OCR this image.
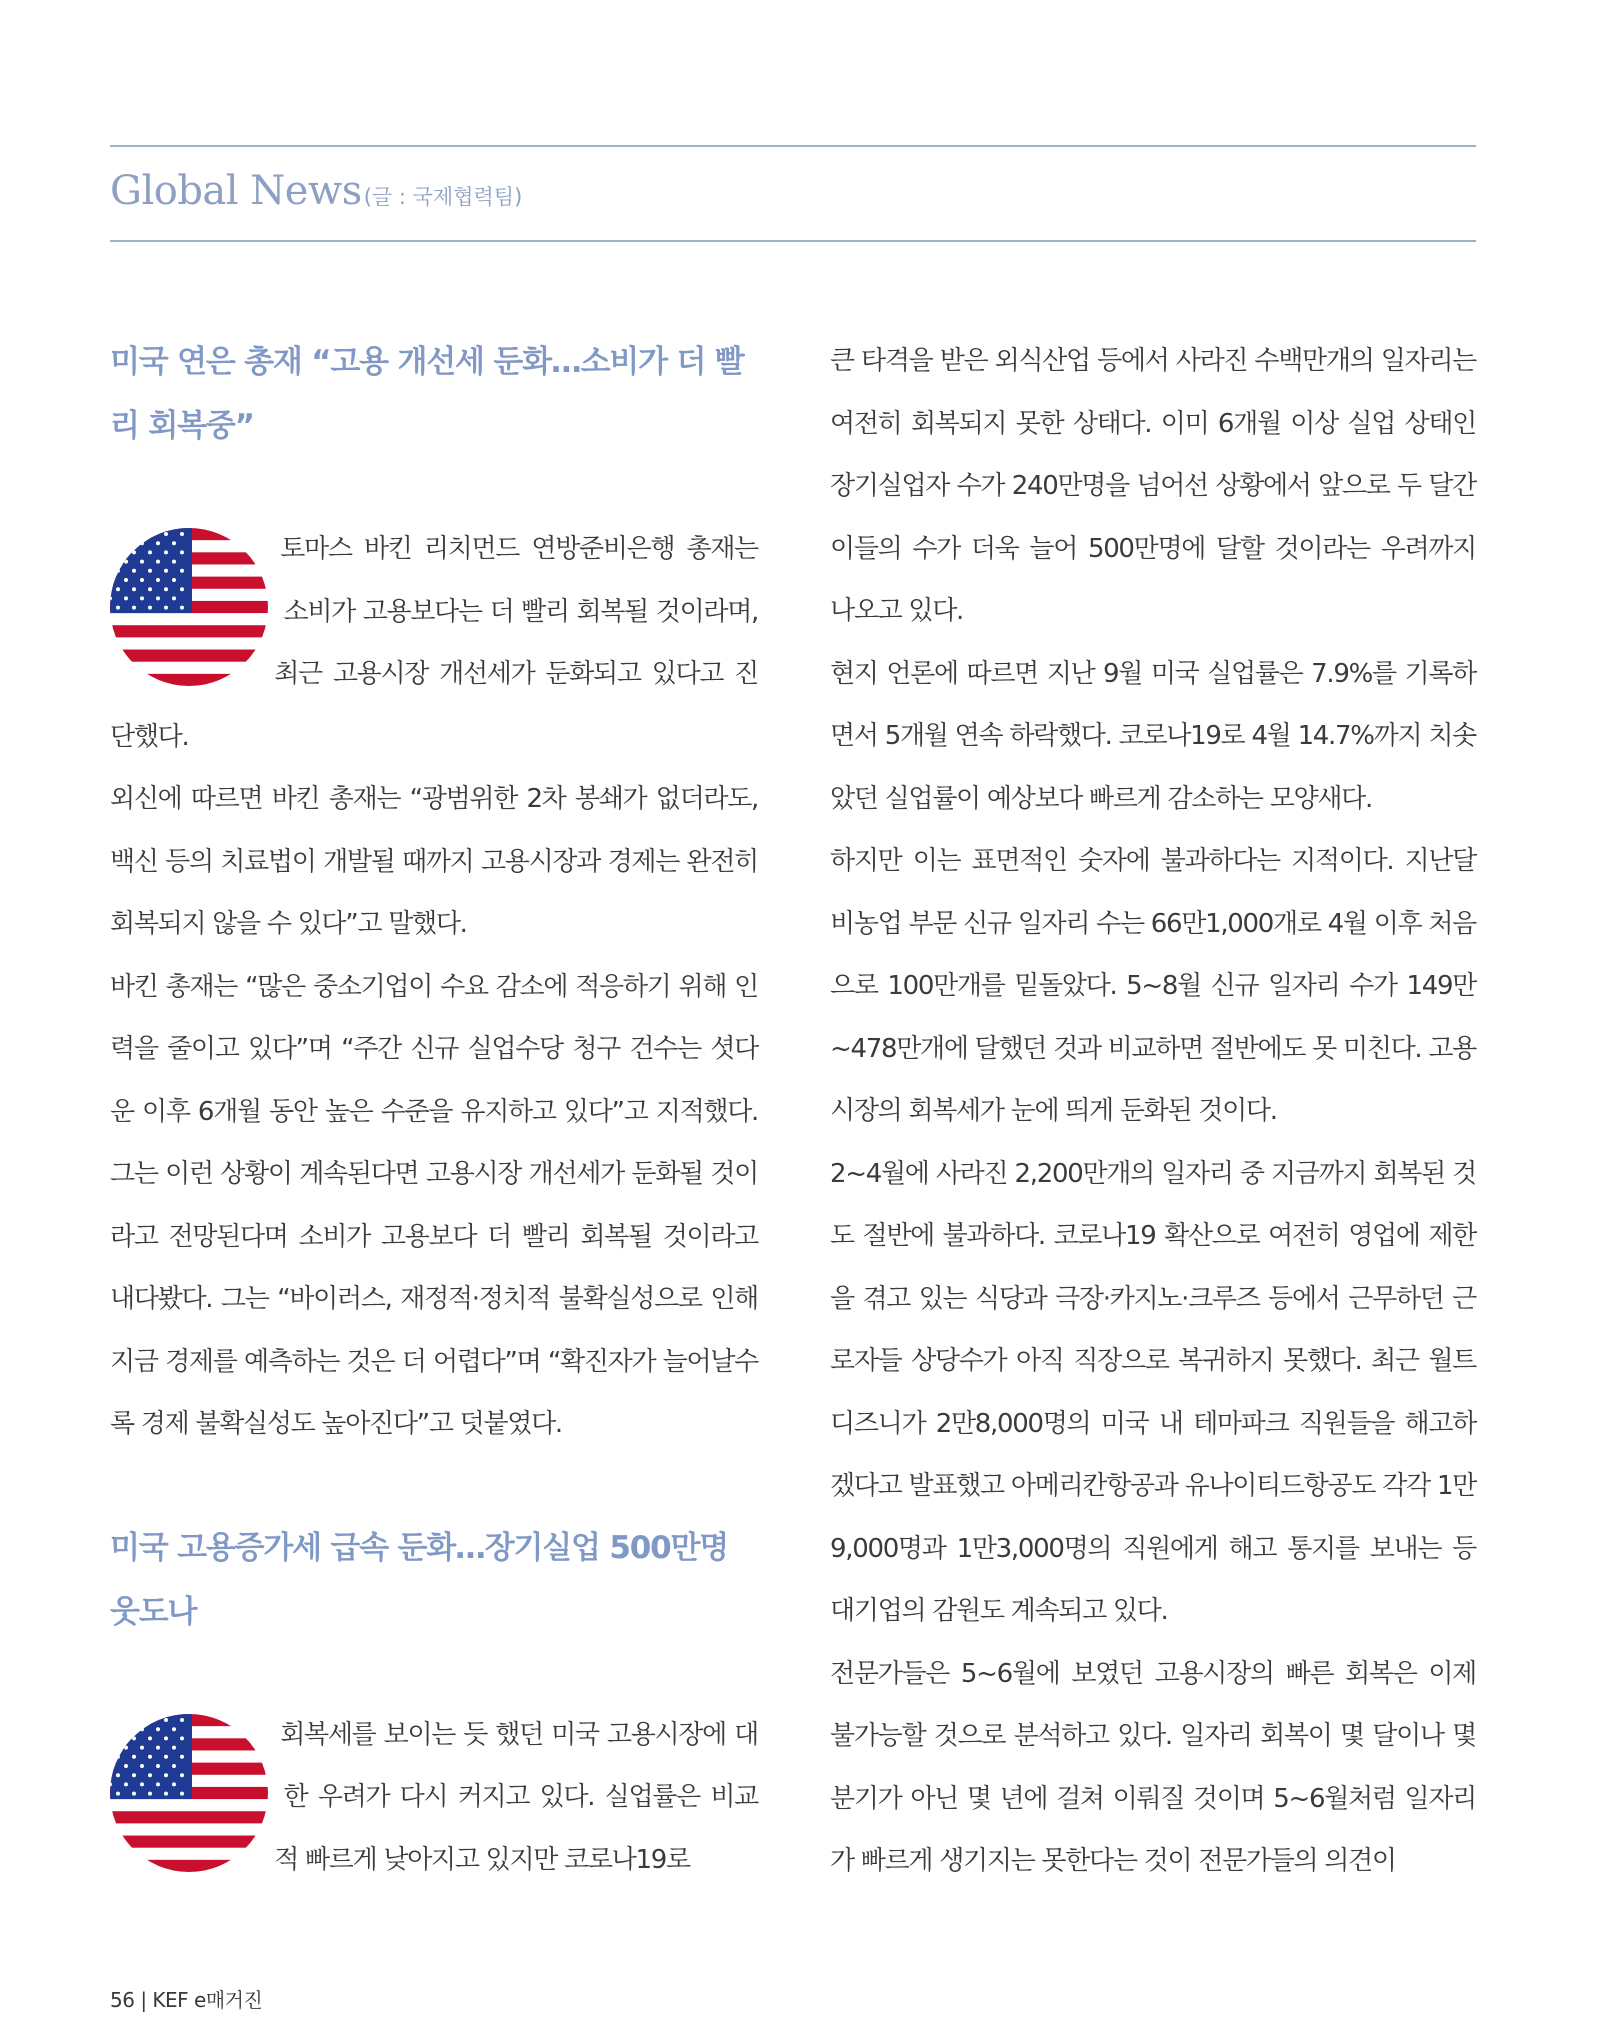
Global News(글 : 국제협력팀)
미국 연은 총재 “고용 개선세 둔화…소비가 더 빨리 회복중”

토마스 바킨 리치먼드 연방준비은행 총재는 소비가 고용보다는 더 빨리 회복될 것이라며, 최근 고용시장 개선세가 둔화되고 있다고 진단했다.

외신에 따르면 바킨 총재는 “광범위한 2차 봉쇄가 없더라도, 백신 등의 치료법이 개발될 때까지 고용시장과 경제는 완전히 회복되지 않을 수 있다”고 말했다.

바킨 총재는 “많은 중소기업이 수요 감소에 적응하기 위해 인력을 줄이고 있다”며 “주간 신규 실업수당 청구 건수는 셧다운 이후 6개월 동안 높은 수준을 유지하고 있다”고 지적했다. 그는 이런 상황이 계속된다면 고용시장 개선세가 둔화될 것이라고 전망된다며 소비가 고용보다 더 빨리 회복될 것이라고 내다봤다. 그는 “바이러스, 재정적·정치적 불확실성으로 인해 지금 경제를 예측하는 것은 더 어렵다”며 “확진자가 늘어날수록 경제 불확실성도 높아진다”고 덧붙였다.

미국 고용증가세 급속 둔화…장기실업 500만명 웃도나

회복세를 보이는 듯 했던 미국 고용시장에 대한 우려가 다시 커지고 있다. 실업률은 비교적 빠르게 낮아지고 있지만 코로나19로

큰 타격을 받은 외식산업 등에서 사라진 수백만개의 일자리는 여전히 회복되지 못한 상태다. 이미 6개월 이상 실업 상태인 장기실업자 수가 240만명을 넘어선 상황에서 앞으로 두 달간 이들의 수가 더욱 늘어 500만명에 달할 것이라는 우려까지 나오고 있다.

현지 언론에 따르면 지난 9월 미국 실업률은 7.9%를 기록하면서 5개월 연속 하락했다. 코로나19로 4월 14.7%까지 치솟았던 실업률이 예상보다 빠르게 감소하는 모양새다.

하지만 이는 표면적인 숫자에 불과하다는 지적이다. 지난달 비농업 부문 신규 일자리 수는 66만1,000개로 4월 이후 처음으로 100만개를 밑돌았다. 5~8월 신규 일자리 수가 149만~478만개에 달했던 것과 비교하면 절반에도 못 미친다. 고용시장의 회복세가 눈에 띄게 둔화된 것이다.

2~4월에 사라진 2,200만개의 일자리 중 지금까지 회복된 것도 절반에 불과하다. 코로나19 확산으로 여전히 영업에 제한을 겪고 있는 식당과 극장·카지노·크루즈 등에서 근무하던 근로자들 상당수가 아직 직장으로 복귀하지 못했다. 최근 월트디즈니가 2만8,000명의 미국 내 테마파크 직원들을 해고하겠다고 발표했고 아메리칸항공과 유나이티드항공도 각각 1만9,000명과 1만3,000명의 직원에게 해고 통지를 보내는 등 대기업의 감원도 계속되고 있다.

전문가들은 5~6월에 보였던 고용시장의 빠른 회복은 이제 불가능할 것으로 분석하고 있다. 일자리 회복이 몇 달이나 몇 분기가 아닌 몇 년에 걸쳐 이뤄질 것이며 5~6월처럼 일자리가 빠르게 생기지는 못한다는 것이 전문가들의 의견이

56 | KEF e매거진
